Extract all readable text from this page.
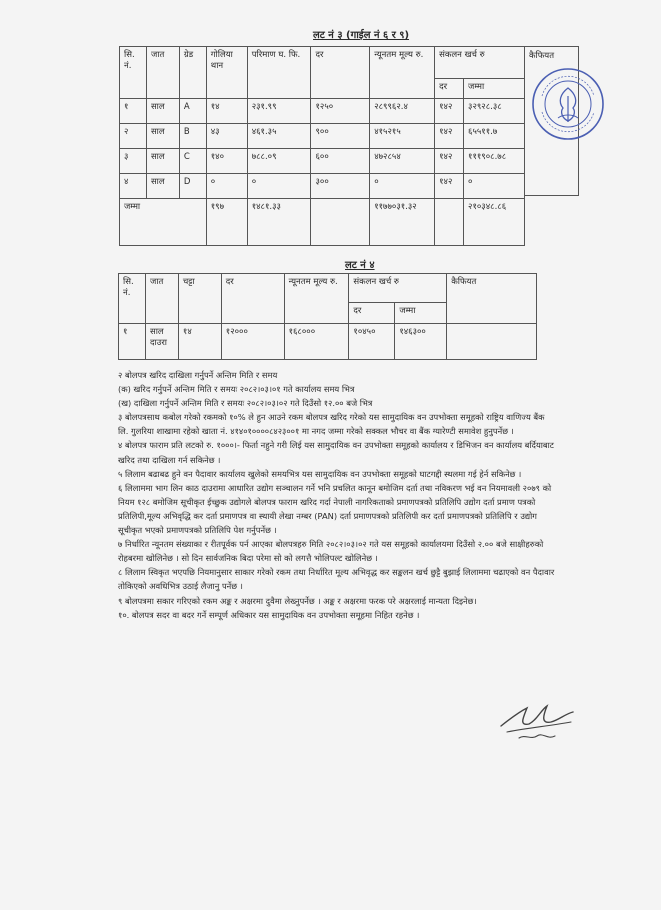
लट नं ३ (गाईल नं ६ र ९)
सि. नं.	जात	ग्रेड	गोलिया थान	परिमाण घ. फि.	दर	न्यूनतम मूल्य रु.	संकलन खर्च रु	
							दर	जम्मा
१	साल	A	१४	२३१.९९	१२५०	२८९९६२.४	१४२	३२९२८.३८
२	साल	B	४३	४६१.३५	९००	४१५२१५	१४२	६५५११.७
३	साल	C	१४०	७८८.०९	६००	४७२८५४	१४२	१११९०८.७८
४	साल	D	०	०	३००	०	१४२	०
जम्मा			१९७	१४८१.३३		११७७०३१.३२		२१०३४८.८६
कैफियत
लट नं ४
सि. नं.	जात	चट्टा	दर	न्यूनतम मूल्य रु.	संकलन खर्च रु		कैफियत
					दर	जम्मा	
१	साल दाउरा	१४	१२०००	१६८०००	१०४५०	१४६३००	

२ बोलपत्र खरिद दाखिला गर्नुपर्ने अन्तिम मिति र समय

(क) खरिद गर्नुपर्ने अन्तिम मिति र समयः २०८२।०३।०१ गते कार्यालय समय भित्र

(ख) दाखिला गर्नुपर्ने अन्तिम मिति र समयः २०८२।०३।०२ गते दिउँसो १२.०० बजे भित्र

३ बोलपत्रसाथ कबोल गरेको रकमको १०% ले हुन आउने रकम बोलपत्र खरिद गरेको यस सामुदायिक वन उपभोक्ता समूहको राष्ट्रिय वाणिज्य बैंक लि. गुलरिया शाखामा रहेको खाता नं. ४१४०१००००८४२३००१ मा नगद जम्मा गरेको सक्कल भौचर वा बैंक ग्यारेण्टी समावेश हुनुपर्नेछ ।

४ बोलपत्र फाराम प्रति लटको रु. १०००।- फिर्ता नहुने गरी लिई यस सामुदायिक वन उपभोक्ता समूहको कार्यालय र डिभिजन वन कार्यालय बर्दियाबाट खरिद तथा दाखिला गर्न सकिनेछ ।

५ लिलाम बढाबढ हुने वन पैदावार कार्यालय खुलेको समयभित्र यस सामुदायिक वन उपभोक्ता समूहको घाटगद्दी स्थलमा गई हेर्न सकिनेछ ।

६ लिलाममा भाग लिन काठ दाउरामा आधारित उद्योग सञ्चालन गर्ने भनि प्रचलित कानून बमोजिम दर्ता तथा नविकरण भई वन नियमावली २०७९ को नियम १२८ बमोजिम सूचीकृत ईच्छुक उद्योगले बोलपत्र फाराम खरिद गर्दा नेपाली नागरिकताको प्रमाणपत्रको प्रतिलिपि उद्योग दर्ता प्रमाण पत्रको प्रतिलिपी,मूल्य अभिवृद्धि कर दर्ता प्रमाणपत्र वा स्थायी लेखा नम्बर (PAN) दर्ता प्रमाणपत्रको प्रतिलिपी कर दर्ता प्रमाणपत्रको प्रतिलिपि र उद्योग सूचीकृत भएको प्रमाणपत्रको प्रतिलिपि पेश गर्नुपर्नेछ ।

७ निर्धारित न्यूनतम संख्याका र रीतपूर्वक पर्न आएका बोलपत्रहरु मिति २०८२।०३।०२ गते यस समूहको कार्यालयमा दिउँसो २.०० बजे साक्षीहरुको रोहबरमा खोलिनेछ । सो दिन सार्वजनिक बिदा परेमा सो को लगत्तै भोलिपल्ट खोलिनेछ ।

८ लिलाम स्विकृत भएपछि नियमानुसार साकार गरेको रकम तथा निर्धारित मूल्य अभिवृद्ध कर सङ्कलन खर्च छुट्टै बुझाई लिलाममा चढाएको वन पैदावार तोकिएको अवधिभित्र उठाई लैजानु पर्नेछ ।

९ बोलपत्रमा सकार गरिएको रकम अङ्क र अक्षरमा दुवैमा लेख्नुपर्नेछ । अङ्क र अक्षरमा फरक परे अक्षरलाई मान्यता दिइनेछ।

१०. बोलपत्र सदर वा बदर गर्ने सम्पूर्ण अधिकार यस सामुदायिक वन उपभोक्ता समूहमा निहित रहनेछ ।
